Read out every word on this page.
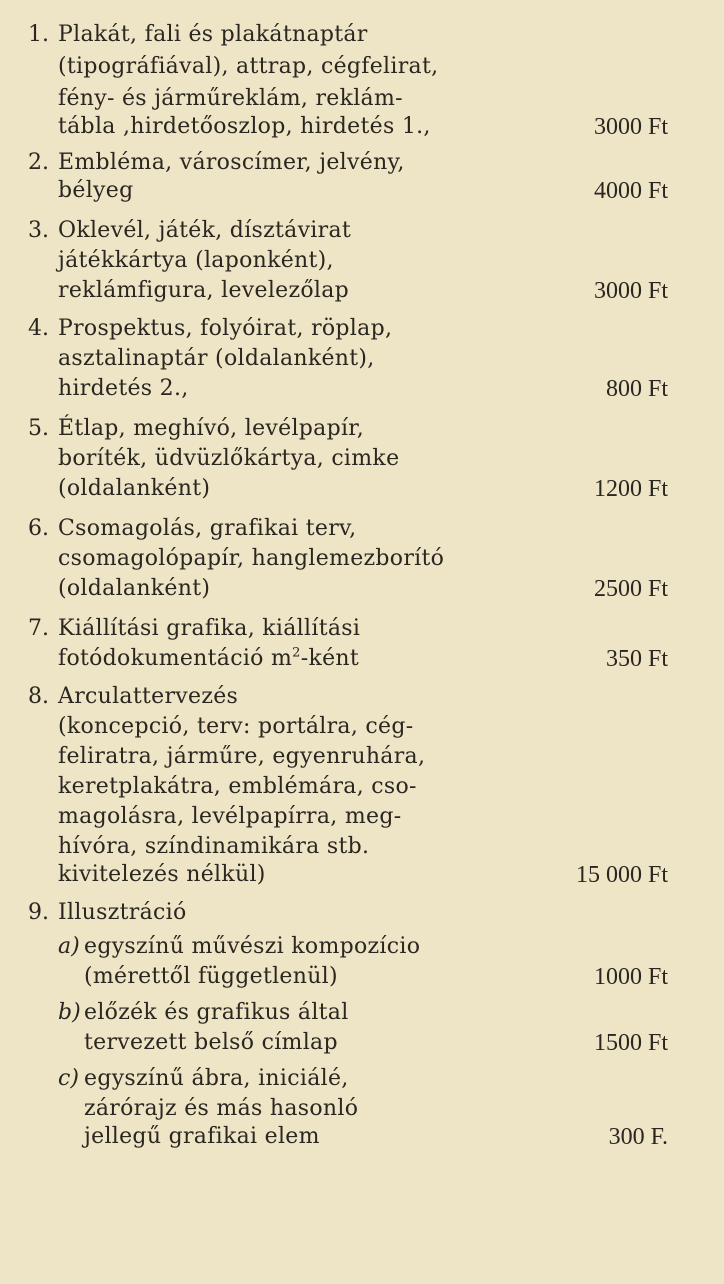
1. Plakát, fali és plakátnaptár
(tipográfiával), attrap, cégfelirat,
fény- és járműreklám, reklám-
tábla ,hirdetőoszlop, hirdetés 1.,	3000 Ft
2. Embléma, városcímer, jelvény,
bélyeg	4000 Ft
3. Oklevél, játék, dísztávirat
játékkártya (laponként),
reklámfigura, levelezőlap	3000 Ft
4. Prospektus, folyóirat, röplap,
asztalinaptár (oldalanként),
hirdetés 2.,	800 Ft
5. Étlap, meghívó, levélpapír,
boríték, üdvüzlőkártya, cimke
(oldalanként)	1200 Ft
6. Csomagolás, grafikai terv,
csomagolópapír, hanglemezborító
(oldalanként)	2500 Ft
7. Kiállítási grafika, kiállítási
fotódokumentáció $m^2$-ként	350 Ft
8. Arculattervezés
(koncepció, terv: portálra, cég-
feliratra, járműre, egyenruhára,
keretplakátra, emblémára, cso-
magolásra, levélpapírra, meg-
hívóra, színdinamikára stb.
kivitelezés nélkül)	15 000 Ft
9. Illusztráció
a) egyszínű művészi kompozício
(mérettől függetlenül)	1000 Ft
b) előzék és grafikus által
tervezett belső címlap	1500 Ft
c) egyszínű ábra, iniciálé,
zárórajz és más hasonló
jellegű grafikai elem	300 F.
